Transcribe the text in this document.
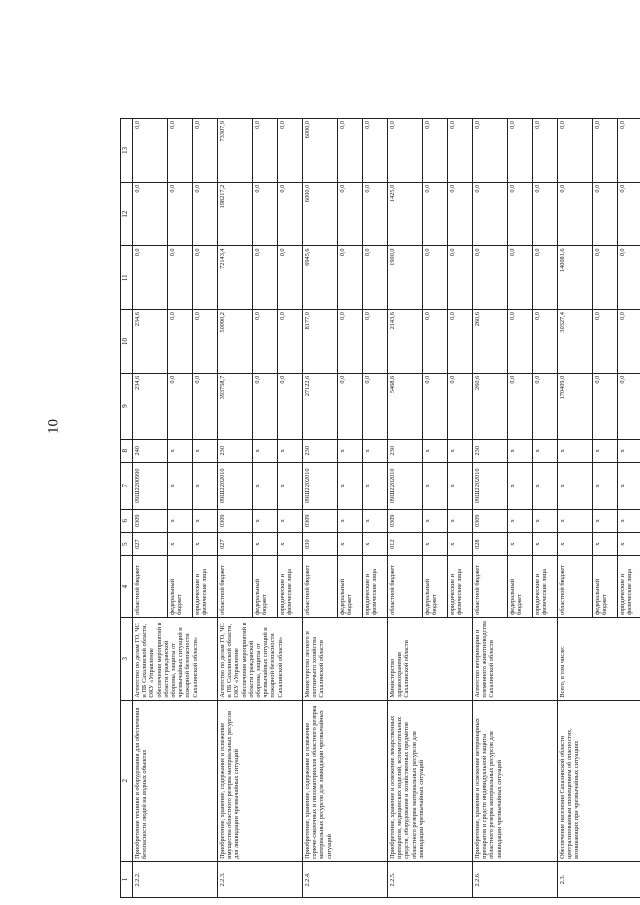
10
1	2	3	4	5	6	7	8	9	10	11	12	13
2.2.2.	Приобретение техники и оборудования для обеспечения безопасности людей на водных объектах	Агентство по делам ГО, ЧС и ПБ Сахалинской области, ОКУ «Управление обеспечения мероприятий в области гражданской обороны, защиты от чрезвычайных ситуаций и пожарной безопасности Сахалинской области»	областной бюджет	027	0309	09Ш2200990	240	234,6	234,6	0,0	0,0	0,0
			федеральный бюджет	x	x	x	x	0,0	0,0	0,0	0,0	0,0
			юридические и физические лица	x	x	x	x	0,0	0,0	0,0	0,0	0,0
2.2.3.	Приобретение, хранение, содержание и освежение имущества областного резерва материальных ресурсов для ликвидации чрезвычайных ситуаций	Агентство по делам ГО, ЧС и ПБ Сахалинской области, ОКУ «Управление обеспечения мероприятий в области гражданской обороны, защиты от чрезвычайных ситуаций и пожарной безопасности Сахалинской области»	областной бюджет	027	0309	09Ш2202010	230	393758,7	50090,2	72143,4	198217,2	73307,9
			федеральный бюджет	x	x	x	x	0,0	0,0	0,0	0,0	0,0
			юридические и физические лица	x	x	x	x	0,0	0,0	0,0	0,0	0,0
2.2.4.	Приобретение, хранение, содержание и освежение горюче-смазочных и пиломатериалов областного резерва материальных ресурсов для ликвидации чрезвычайных ситуаций	Министерство лесного и охотничьего хозяйства Сахалинской области	областной бюджет	030	0309	09Ш2202010	230	27122,6	8177,0	6945,6	6000,0	6000,0
			федеральный бюджет	x	x	x	x	0,0	0,0	0,0	0,0	0,0
			юридические и физические лица	x	x	x	x	0,0	0,0	0,0	0,0	0,0
2.2.5.	Приобретение, хранение и освежение лекарственных препаратов, медицинских изделий, вспомогательных средств, оборудования и хозяйственных предметов областного резерва материальных ресурсов для ликвидации чрезвычайных ситуаций	Министерство здравоохранения Сахалинской области	областной бюджет	012	0309	09Ш2202010	230	5468,6	2143,6	1900,0	1425,0	0,0
			федеральный бюджет	x	x	x	x	0,0	0,0	0,0	0,0	0,0
			юридические и физические лица	x	x	x	x	0,0	0,0	0,0	0,0	0,0
2.2.6.	Приобретение, хранение и освежение ветеринарных препаратов и средств индивидуальной защиты областного резерва материальных ресурсов для ликвидации чрезвычайных ситуаций	Агентство ветеринарии и племенного животноводства Сахалинской области	областной бюджет	028	0309	09Ш2202010	230	260,6	260,6	0,0	0,0	0,0
			федеральный бюджет	x	x	x	x	0,0	0,0	0,0	0,0	0,0
			юридические и физические лица	x	x	x	x	0,0	0,0	0,0	0,0	0,0
2.3.	Обеспечение населения Сахалинской области централизованным оповещением об опасностях, возникающих при чрезвычайных ситуациях	Всего, в том числе:	областной бюджет	x	x	x	x	170409,0	30327,4	140081,6	0,0	0,0
			федеральный бюджет	x	x	x	x	0,0	0,0	0,0	0,0	0,0
			юридические и физические лица	x	x	x	x	0,0	0,0	0,0	0,0	0,0
